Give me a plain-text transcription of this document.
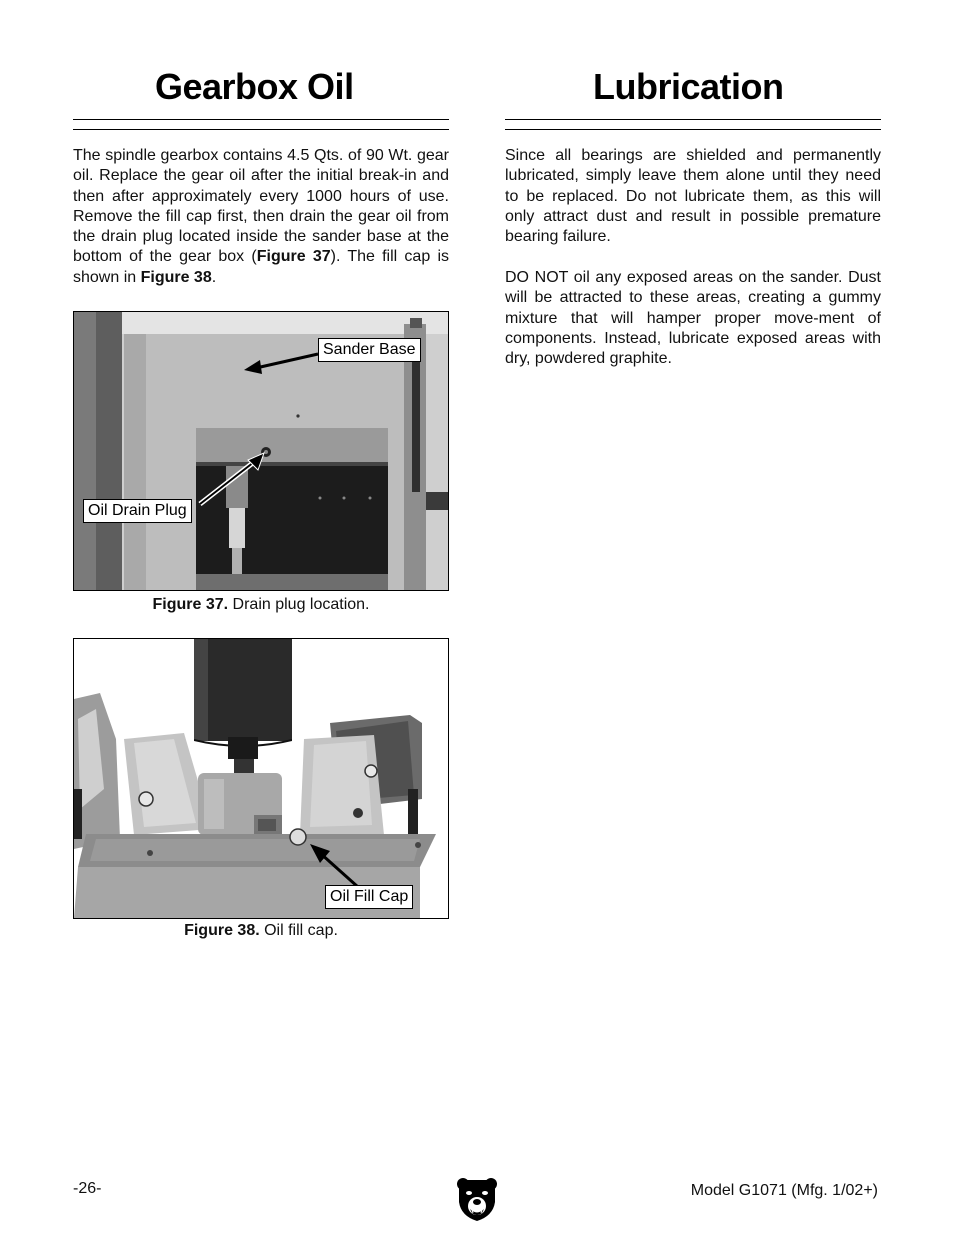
Gearbox Oil	Lubrication

The spindle gearbox contains 4.5 Qts. of 90 Wt. gear oil. Replace the gear oil after the initial break-in and then after approximately every 1000 hours of use. Remove the fill cap first, then drain the gear oil from the drain plug located inside the sander base at the bottom of the gear box (Figure 37). The fill cap is shown in Figure 38.

Since all bearings are shielded and permanently lubricated, simply leave them alone until they need to be replaced. Do not lubricate them, as this will only attract dust and result in possible premature bearing failure.

DO NOT oil any exposed areas on the sander. Dust will be attracted to these areas, creating a gummy mixture that will hamper proper move-ment of components. Instead, lubricate exposed areas with dry, powdered graphite.

Sander Base
Oil Drain Plug
Figure 37. Drain plug location.
Oil Fill Cap
Figure 38. Oil fill cap.
-26-	Model G1071 (Mfg. 1/02+)
